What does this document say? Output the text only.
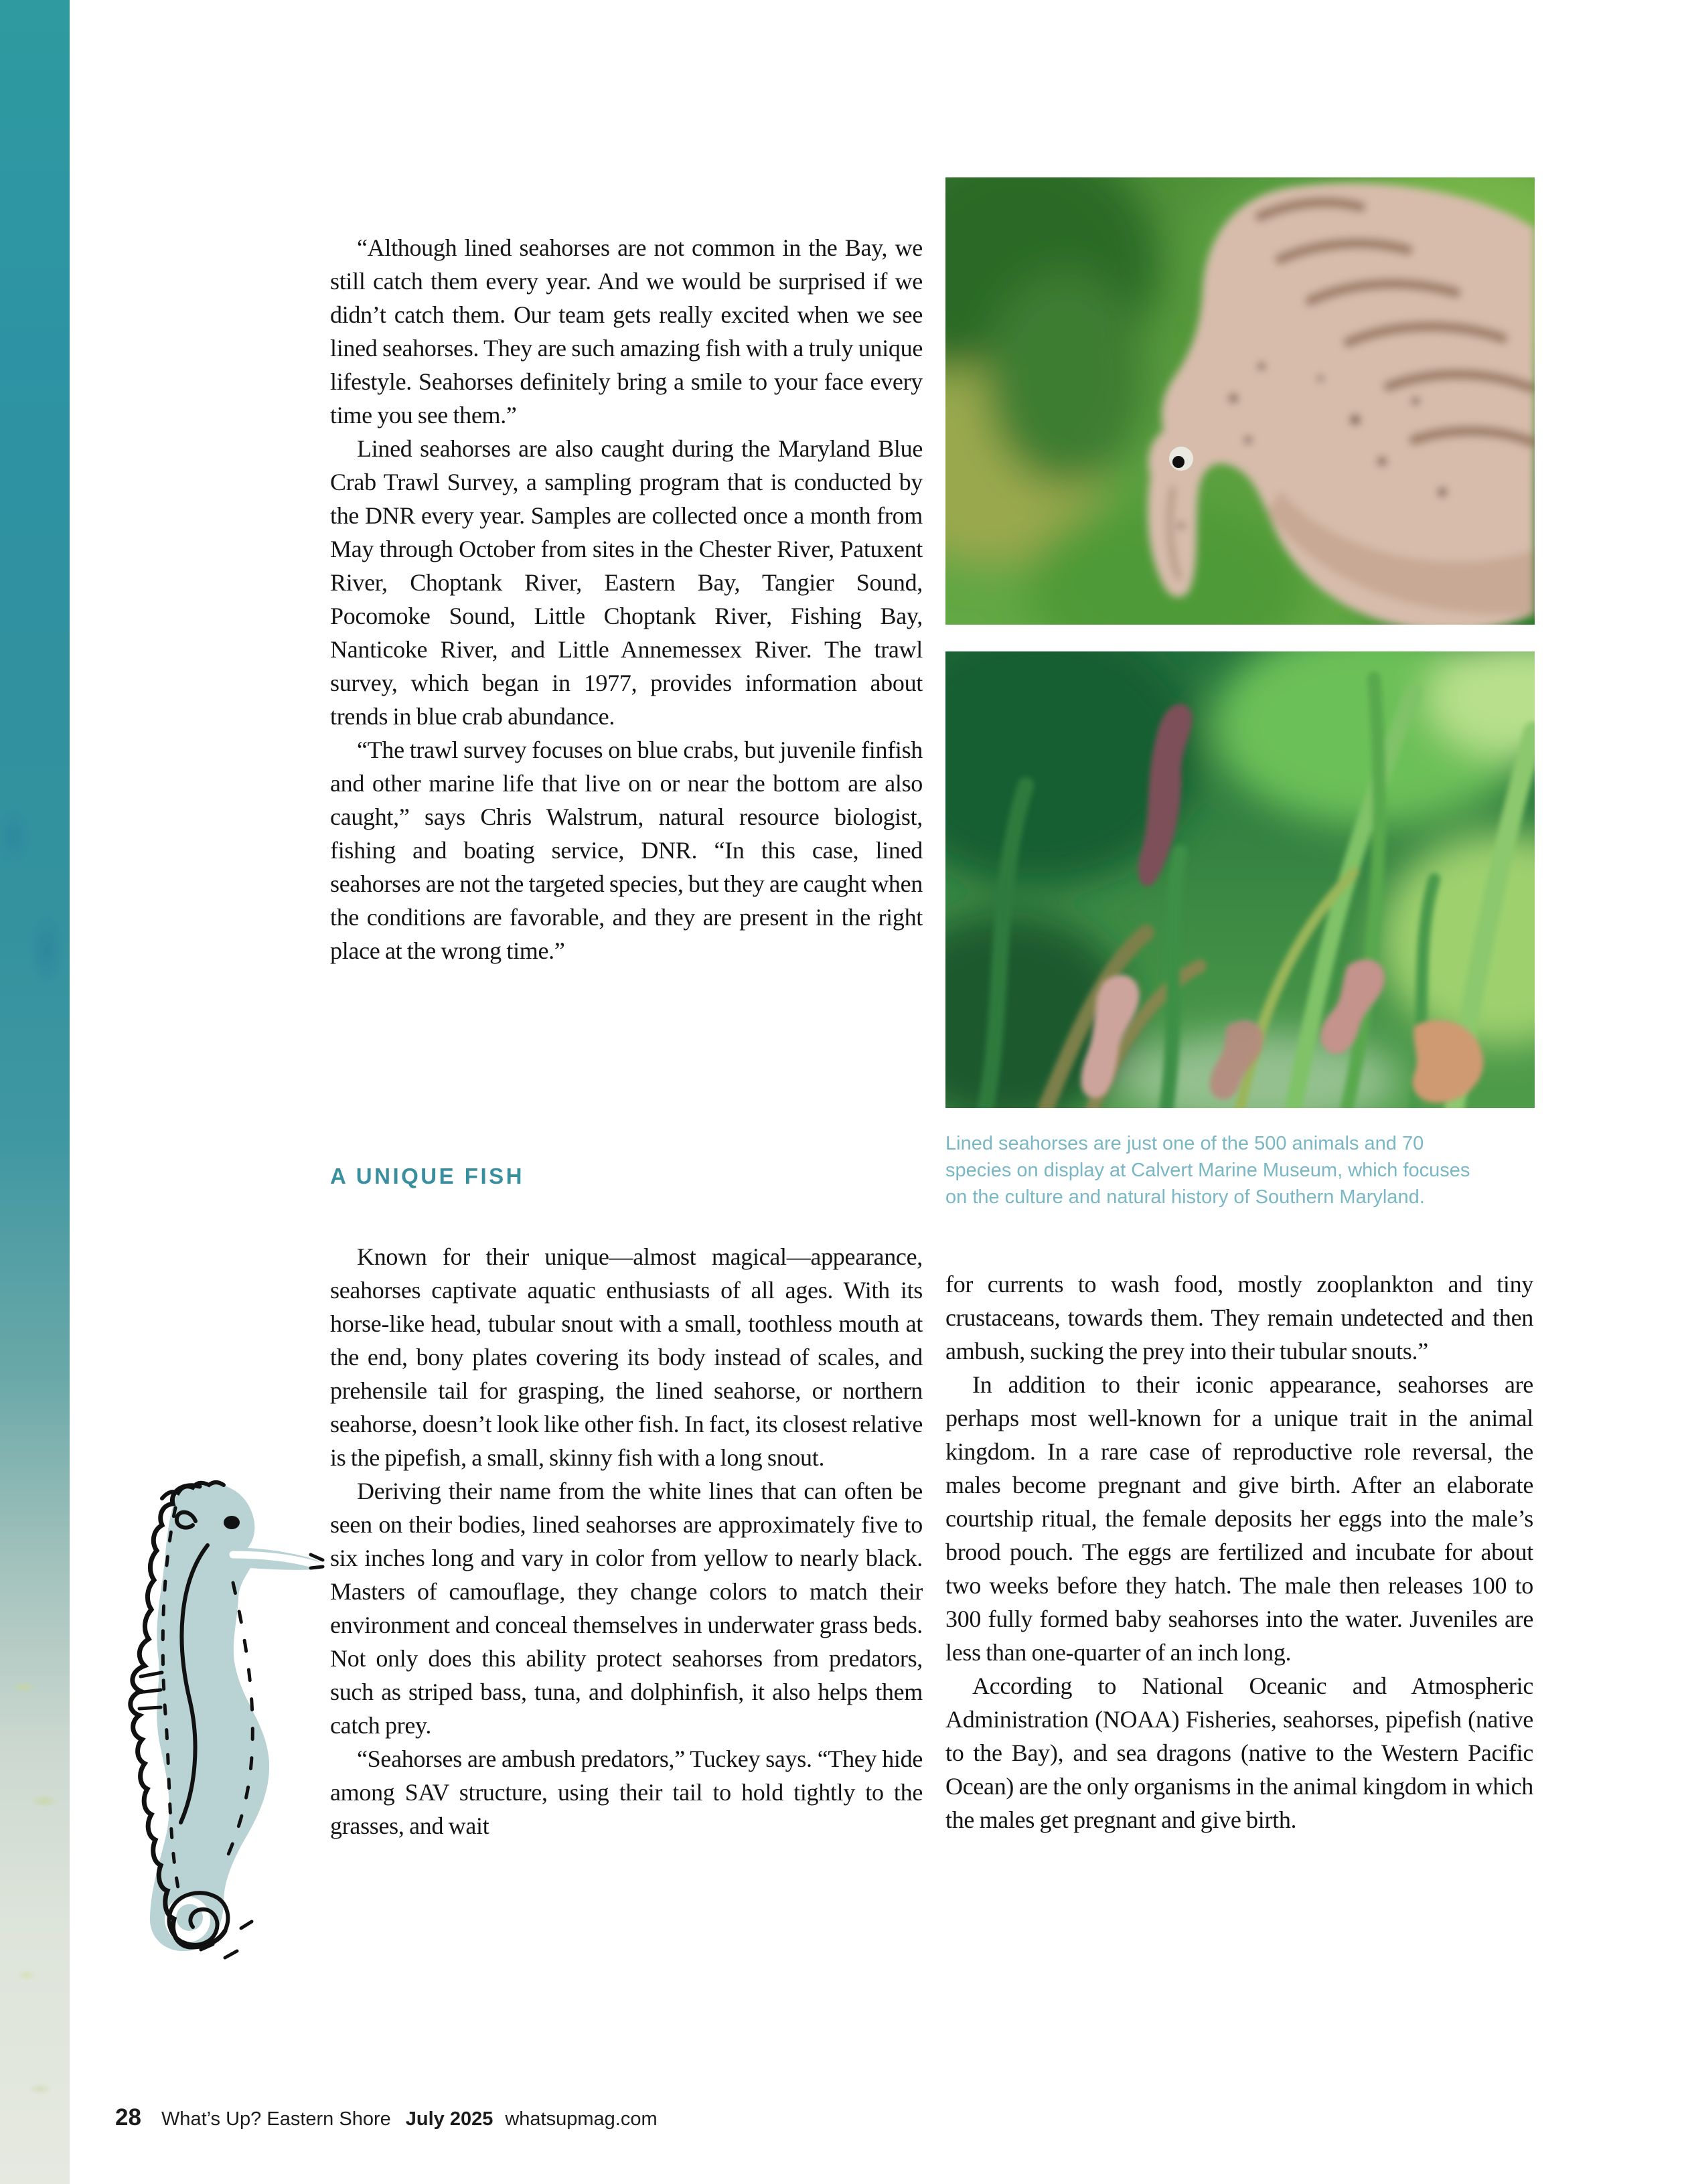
Lined seahorses are just one of the 500 animals and 70
species on display at Calvert Marine Museum, which focuses
on the culture and natural history of Southern Maryland.

“Although lined seahorses are not common in the Bay, we still catch them every year. And we would be surprised if we didn’t catch them. Our team gets really excited when we see lined seahorses. They are such amazing fish with a truly unique lifestyle. Seahorses definitely bring a smile to your face every time you see them.”

Lined seahorses are also caught during the Maryland Blue Crab Trawl Survey, a sampling program that is conducted by the DNR every year. Samples are collected once a month from May through October from sites in the Chester River, Patuxent River, Choptank River, Eastern Bay, Tangier Sound, Pocomoke Sound, Little Choptank River, Fishing Bay, Nanticoke River, and Little Annemessex River. The trawl survey, which began in 1977, provides information about trends in blue crab abundance.

“The trawl survey focuses on blue crabs, but juvenile finfish and other marine life that live on or near the bottom are also caught,” says Chris Walstrum, natural resource biologist, fishing and boating service, DNR. “In this case, lined seahorses are not the targeted species, but they are caught when the conditions are favorable, and they are present in the right place at the wrong time.”

A UNIQUE FISH

Known for their unique—almost magical—appearance, seahorses captivate aquatic enthusiasts of all ages. With its horse-like head, tubular snout with a small, toothless mouth at the end, bony plates covering its body instead of scales, and prehensile tail for grasping, the lined seahorse, or northern seahorse, doesn’t look like other fish. In fact, its closest relative is the pipefish, a small, skinny fish with a long snout.

Deriving their name from the white lines that can often be seen on their bodies, lined seahorses are approximately five to six inches long and vary in color from yellow to nearly black. Masters of camouflage, they change colors to match their environment and conceal themselves in underwater grass beds. Not only does this ability protect seahorses from predators, such as striped bass, tuna, and dolphinfish, it also helps them catch prey.

“Seahorses are ambush predators,” Tuckey says. “They hide among SAV structure, using their tail to hold tightly to the grasses, and wait

for currents to wash food, mostly zooplankton and tiny crustaceans, towards them. They remain undetected and then ambush, sucking the prey into their tubular snouts.”

In addition to their iconic appearance, seahorses are perhaps most well-known for a unique trait in the animal kingdom. In a rare case of reproductive role reversal, the males become pregnant and give birth. After an elaborate courtship ritual, the female deposits her eggs into the male’s brood pouch. The eggs are fertilized and incubate for about two weeks before they hatch. The male then releases 100 to 300 fully formed baby seahorses into the water. Juveniles are less than one-quarter of an inch long.

According to National Oceanic and Atmospheric Administration (NOAA) Fisheries, seahorses, pipefish (native to the Bay), and sea dragons (native to the Western Pacific Ocean) are the only organisms in the animal kingdom in which the males get pregnant and give birth.

28 What’s Up? Eastern Shore July 2025 whatsupmag.com
